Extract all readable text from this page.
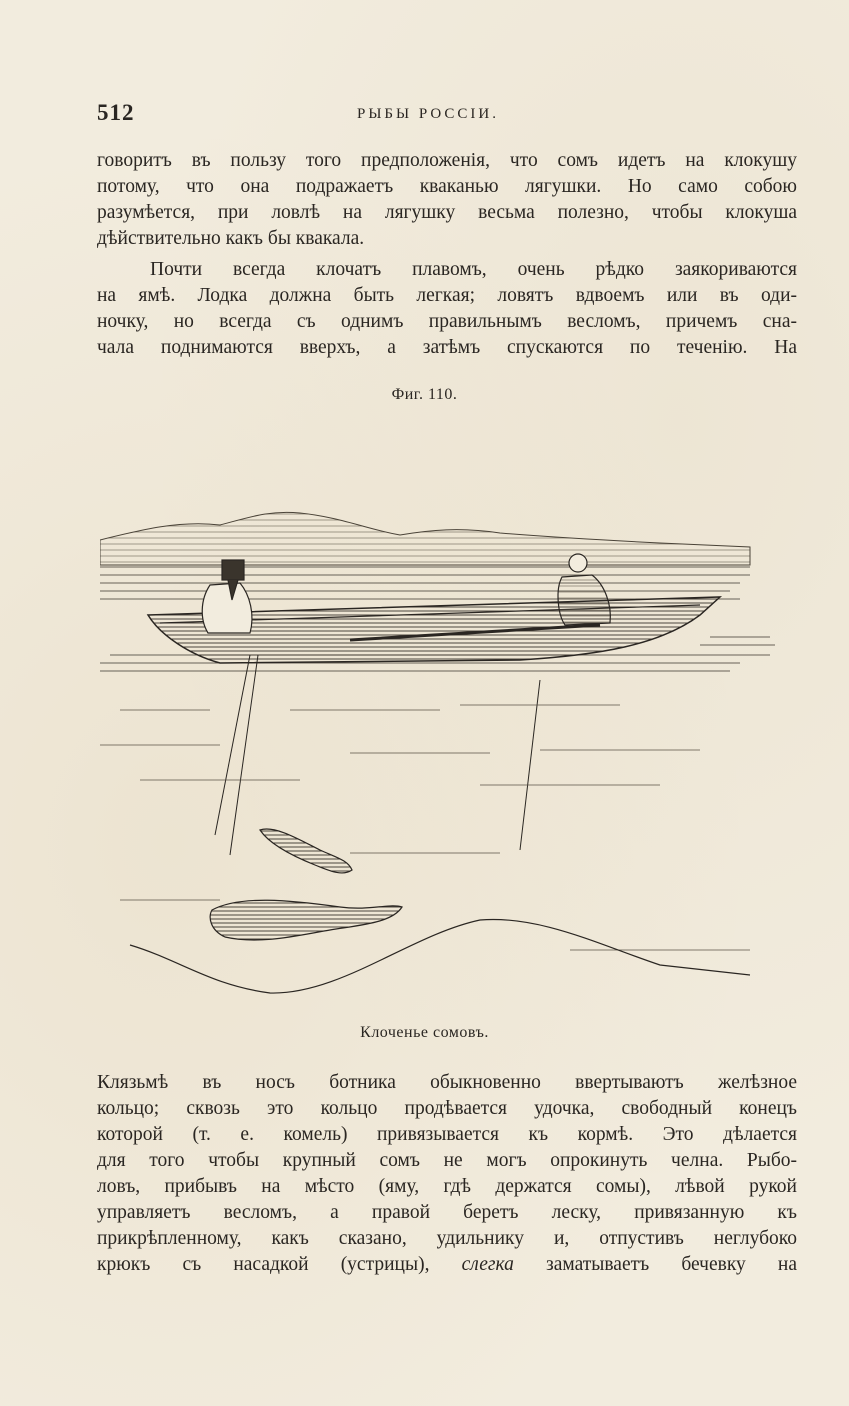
512	РЫБЫ РОССІИ.
говоритъ въ пользу того предположенія, что сомъ идетъ на клокушу
потому, что она подражаетъ кваканью лягушки. Но само собою
разумѣется, при ловлѣ на лягушку весьма полезно, чтобы клокуша
дѣйствительно какъ бы квакала.
Почти всегда клочатъ плавомъ, очень рѣдко заякориваются
на ямѣ. Лодка должна быть легкая; ловятъ вдвоемъ или въ оди-
ночку, но всегда съ однимъ правильнымъ весломъ, причемъ сна-
чала поднимаются вверхъ, а затѣмъ спускаются по теченію. На
Фиг. 110.
Клоченье сомовъ.
Клязьмѣ въ носъ ботника обыкновенно ввертываютъ желѣзное
кольцо; сквозь это кольцо продѣвается удочка, свободный конецъ
которой (т. е. комель) привязывается къ кормѣ. Это дѣлается
для того чтобы крупный сомъ не могъ опрокинуть челна. Рыбо-
ловъ, прибывъ на мѣсто (яму, гдѣ держатся сомы), лѣвой рукой
управляетъ весломъ, а правой беретъ леску, привязанную къ
прикрѣпленному, какъ сказано, удильнику и, отпустивъ неглубоко
крюкъ съ насадкой (устрицы), слегка заматываетъ бечевку на
